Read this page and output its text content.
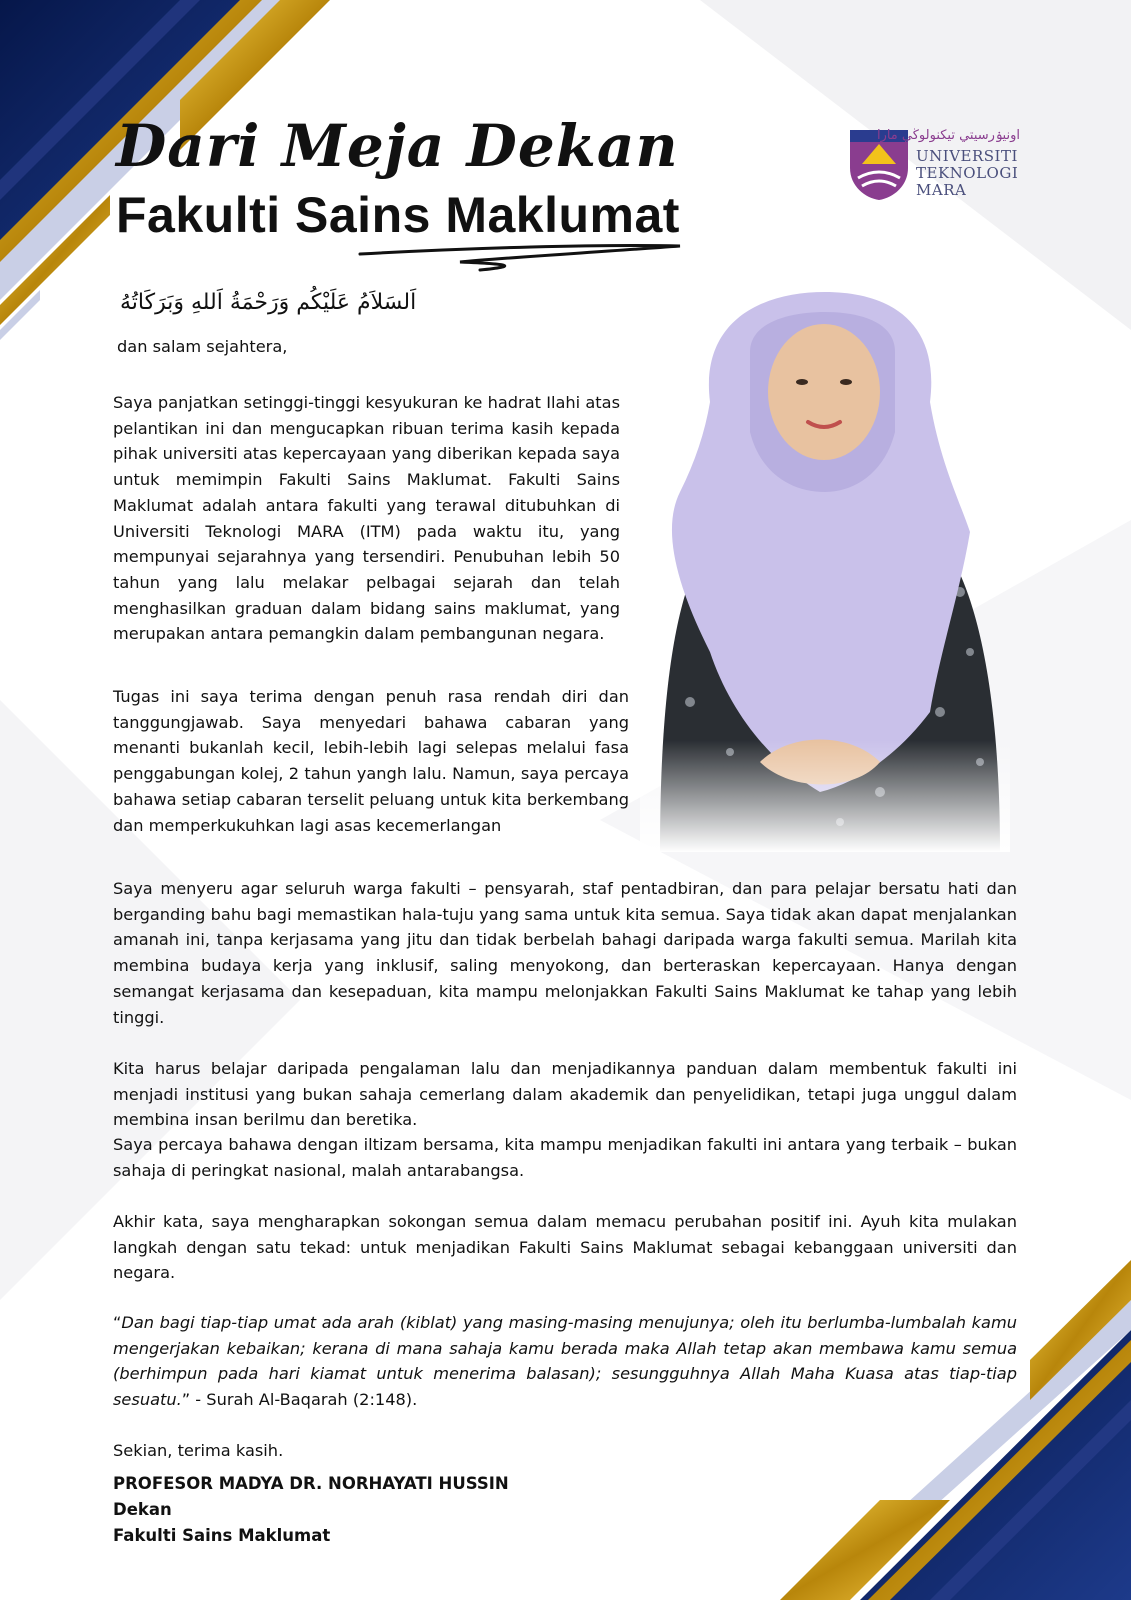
Dari Meja Dekan
Fakulti Sains Maklumat
اونيۏرسيتي تيكنولوڬي مارا
UNIVERSITI
TEKNOLOGI
MARA
اَلسَلاَمُ عَلَيْكُم وَرَحْمَةُ اَللهِ وَبَرَكَاتُهُ

dan salam sejahtera,

Saya panjatkan setinggi-tinggi kesyukuran ke hadrat Ilahi atas pelantikan ini dan mengucapkan ribuan terima kasih kepada pihak universiti atas kepercayaan yang diberikan kepada saya untuk memimpin Fakulti Sains Maklumat. Fakulti Sains Maklumat adalah antara fakulti yang terawal ditubuhkan di Universiti Teknologi MARA (ITM) pada waktu itu, yang mempunyai sejarahnya yang tersendiri. Penubuhan lebih 50 tahun yang lalu melakar pelbagai sejarah dan telah menghasilkan graduan dalam bidang sains maklumat, yang merupakan antara pemangkin dalam pembangunan negara.

Tugas ini saya terima dengan penuh rasa rendah diri dan tanggungjawab. Saya menyedari bahawa cabaran yang menanti bukanlah kecil, lebih-lebih lagi selepas melalui fasa penggabungan kolej, 2 tahun yangh lalu. Namun, saya percaya bahawa setiap cabaran terselit peluang untuk kita berkembang dan memperkukuhkan lagi asas kecemerlangan

Saya menyeru agar seluruh warga fakulti – pensyarah, staf pentadbiran, dan para pelajar bersatu hati dan berganding bahu bagi memastikan hala-tuju yang sama untuk kita semua. Saya tidak akan dapat menjalankan amanah ini, tanpa kerjasama yang jitu dan tidak berbelah bahagi daripada warga fakulti semua. Marilah kita membina budaya kerja yang inklusif, saling menyokong, dan berteraskan kepercayaan. Hanya dengan semangat kerjasama dan kesepaduan, kita mampu melonjakkan Fakulti Sains Maklumat ke tahap yang lebih tinggi.

Kita harus belajar daripada pengalaman lalu dan menjadikannya panduan dalam membentuk fakulti ini menjadi institusi yang bukan sahaja cemerlang dalam akademik dan penyelidikan, tetapi juga unggul dalam membina insan berilmu dan beretika.

Saya percaya bahawa dengan iltizam bersama, kita mampu menjadikan fakulti ini antara yang terbaik – bukan sahaja di peringkat nasional, malah antarabangsa.

Akhir kata, saya mengharapkan sokongan semua dalam memacu perubahan positif ini. Ayuh kita mulakan langkah dengan satu tekad: untuk menjadikan Fakulti Sains Maklumat sebagai kebanggaan universiti dan negara.

“Dan bagi tiap-tiap umat ada arah (kiblat) yang masing-masing menujunya; oleh itu berlumba-lumbalah kamu mengerjakan kebaikan; kerana di mana sahaja kamu berada maka Allah tetap akan membawa kamu semua (berhimpun pada hari kiamat untuk menerima balasan); sesungguhnya Allah Maha Kuasa atas tiap-tiap sesuatu.” - Surah Al-Baqarah (2:148).

Sekian, terima kasih.

PROFESOR MADYA DR. NORHAYATI HUSSIN
Dekan
Fakulti Sains Maklumat
